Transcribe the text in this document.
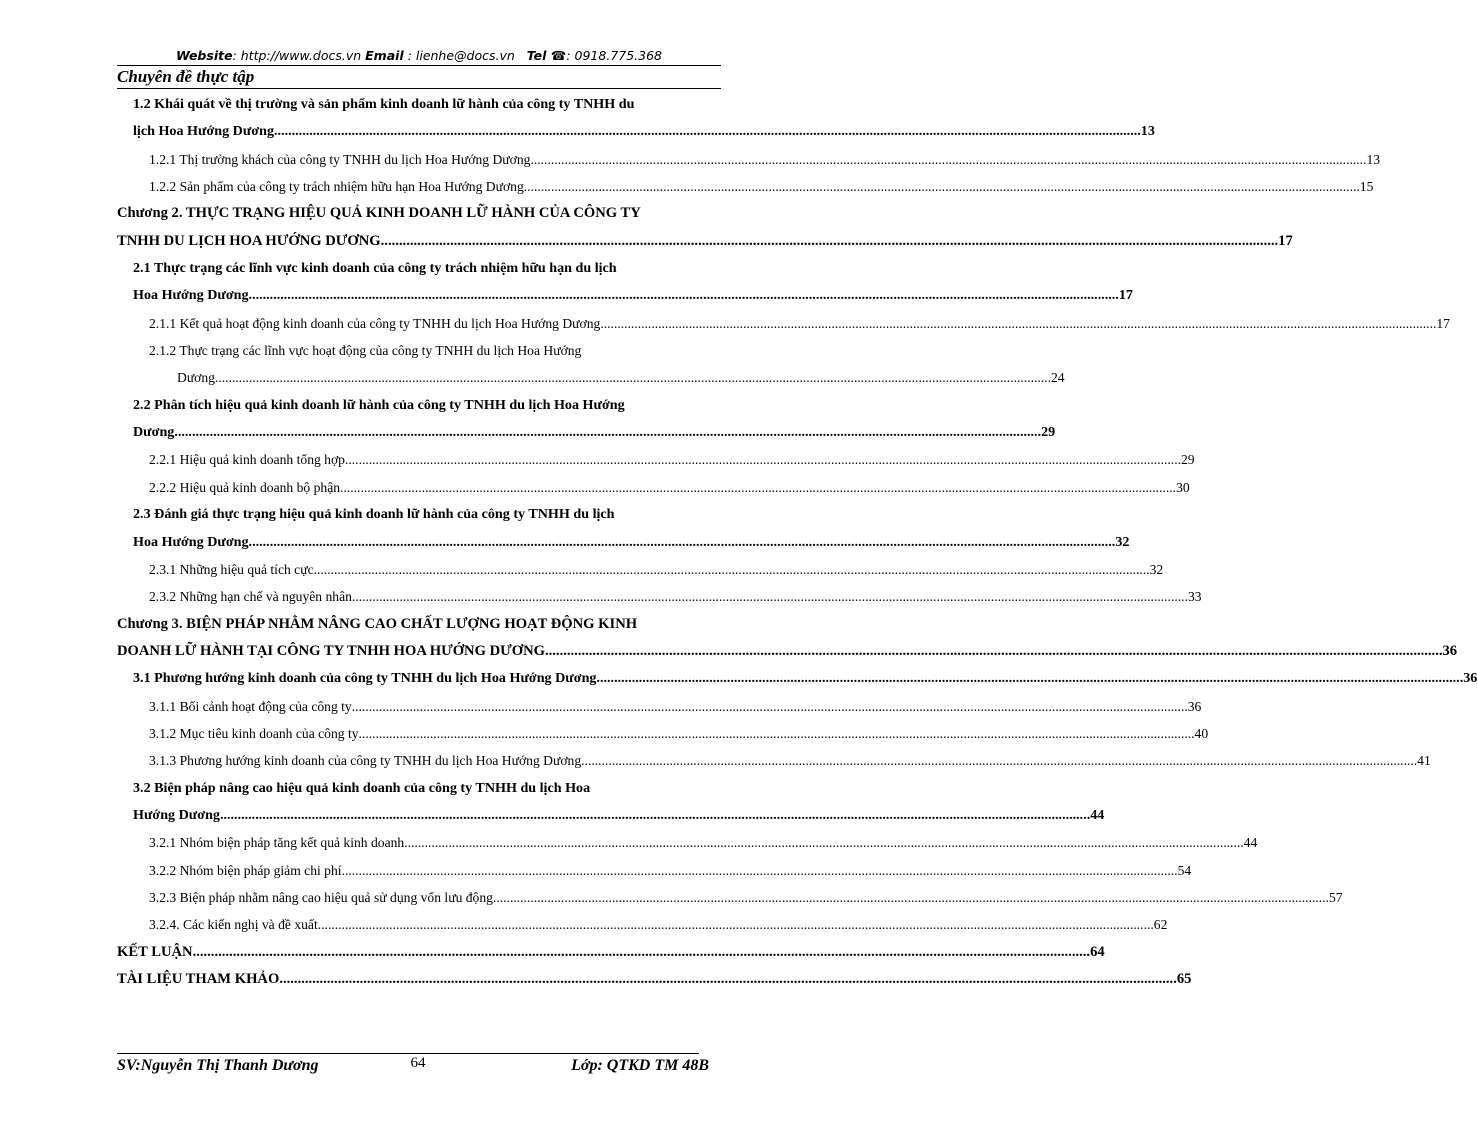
Website: http://www.docs.vn Email : lienhe@docs.vn Tel ☎: 0918.775.368
Chuyên đề thực tập
1.2 Khái quát về thị trường và sản phẩm kinh doanh lữ hành của công ty TNHH du
lịch Hoa Hướng Dương .....	13
1.2.1 Thị trường khách của công ty TNHH du lịch Hoa Hướng Dương .....	13
1.2.2 Sản phẩm của công ty trách nhiệm hữu hạn Hoa Hướng Dương .....	15
Chương 2. THỰC TRẠNG HIỆU QUẢ KINH DOANH LỮ HÀNH CỦA CÔNG TY
TNHH DU LỊCH HOA HƯỚNG DƯƠNG .....	17
2.1 Thực trạng các lĩnh vực kinh doanh của công ty trách nhiệm hữu hạn du lịch
Hoa Hướng Dương. .....	17
2.1.1 Kết quả hoạt động kinh doanh của công ty TNHH du lịch Hoa Hướng Dương .....	17
2.1.2 Thực trạng các lĩnh vực hoạt động của công ty TNHH du lịch Hoa Hướng
Dương .....	24
2.2 Phân tích hiệu quả kinh doanh lữ hành của công ty TNHH du lịch Hoa Hướng
Dương .....	29
2.2.1 Hiệu quả kinh doanh tổng hợp .....	29
2.2.2 Hiệu quả kinh doanh bộ phận .....	30
2.3 Đánh giá thực trạng hiệu quả kinh doanh lữ hành của công ty TNHH du lịch
Hoa Hướng Dương .....	32
2.3.1 Những hiệu quả tích cực .....	32
2.3.2 Những hạn chế và nguyên nhân .....	33
Chương 3. BIỆN PHÁP NHẰM NÂNG CAO CHẤT LƯỢNG HOẠT ĐỘNG KINH
DOANH LỮ HÀNH TẠI CÔNG TY TNHH HOA HƯỚNG DƯƠNG .....	36
3.1 Phương hướng kinh doanh của công ty TNHH du lịch Hoa Hướng Dương .....	36
3.1.1 Bối cảnh hoạt động của công ty .....	36
3.1.2 Mục tiêu kinh doanh của công ty .....	40
3.1.3 Phương hướng kinh doanh của công ty TNHH du lịch Hoa Hướng Dương .....	41
3.2 Biện pháp nâng cao hiệu quả kinh doanh của công ty TNHH du lịch Hoa
Hướng Dương. .....	44
3.2.1 Nhóm biện pháp tăng kết quả kinh doanh. .....	44
3.2.2 Nhóm biện pháp giảm chi phí .....	54
3.2.3 Biện pháp nhằm nâng cao hiệu quả sử dụng vốn lưu động .....	57
3.2.4. Các kiến nghị và đề xuất .....	62
KẾT LUẬN .....	64
TÀI LIỆU THAM KHẢO .....	65
SV:Nguyễn Thị Thanh Dương	64	Lớp: QTKD TM 48B
